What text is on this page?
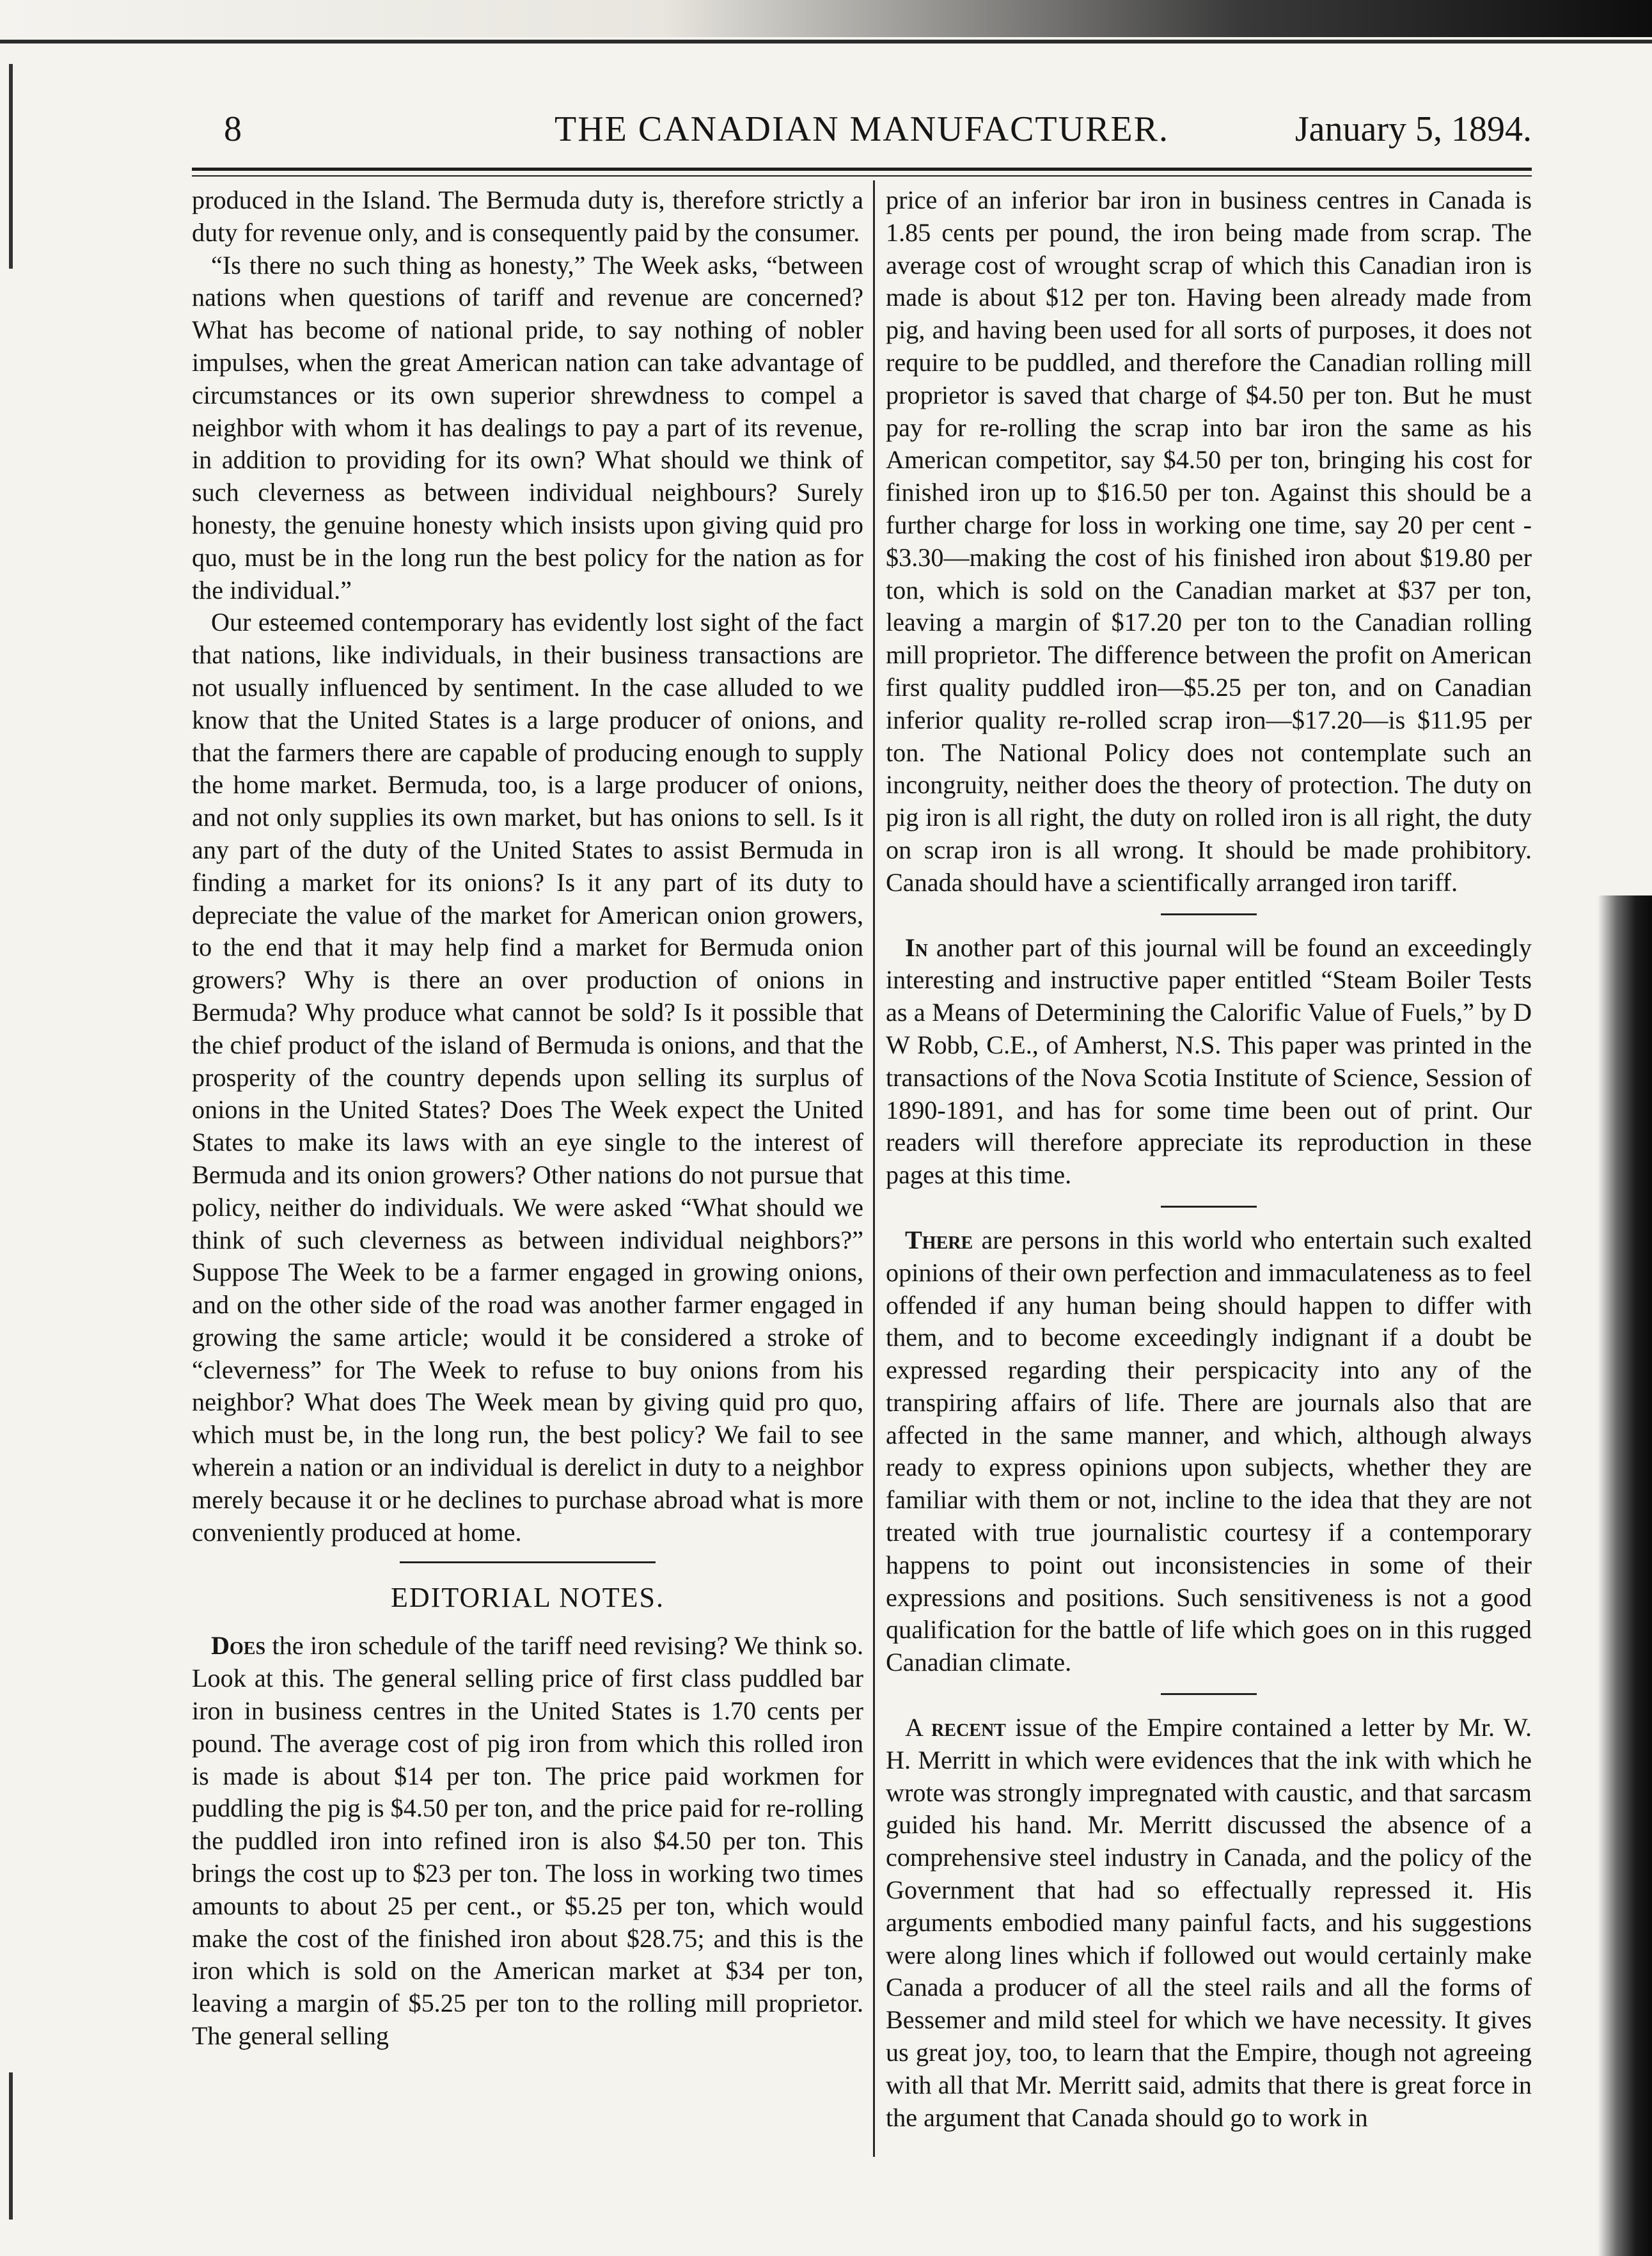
8	THE CANADIAN MANUFACTURER.	January 5, 1894.

produced in the Island. The Bermuda duty is, therefore strictly a duty for revenue only, and is consequently paid by the consumer.

“Is there no such thing as honesty,” The Week asks, “between nations when questions of tariff and revenue are concerned? What has become of national pride, to say nothing of nobler impulses, when the great American nation can take advantage of circumstances or its own superior shrewdness to compel a neighbor with whom it has dealings to pay a part of its revenue, in addition to providing for its own? What should we think of such cleverness as between individual neighbours? Surely honesty, the genuine honesty which insists upon giving quid pro quo, must be in the long run the best policy for the nation as for the individual.”

Our esteemed contemporary has evidently lost sight of the fact that nations, like individuals, in their business transactions are not usually influenced by sentiment. In the case alluded to we know that the United States is a large producer of onions, and that the farmers there are capable of producing enough to supply the home market. Bermuda, too, is a large producer of onions, and not only supplies its own market, but has onions to sell. Is it any part of the duty of the United States to assist Bermuda in finding a market for its onions? Is it any part of its duty to depreciate the value of the market for American onion growers, to the end that it may help find a market for Bermuda onion growers? Why is there an over production of onions in Bermuda? Why produce what cannot be sold? Is it possible that the chief product of the island of Bermuda is onions, and that the prosperity of the country depends upon selling its surplus of onions in the United States? Does The Week expect the United States to make its laws with an eye single to the interest of Bermuda and its onion growers? Other nations do not pursue that policy, neither do individuals. We were asked “What should we think of such cleverness as between individual neighbors?” Suppose The Week to be a farmer engaged in growing onions, and on the other side of the road was another farmer engaged in growing the same article; would it be considered a stroke of “cleverness” for The Week to refuse to buy onions from his neighbor? What does The Week mean by giving quid pro quo, which must be, in the long run, the best policy? We fail to see wherein a nation or an individual is derelict in duty to a neighbor merely because it or he declines to purchase abroad what is more conveniently produced at home.

EDITORIAL NOTES.

Does the iron schedule of the tariff need revising? We think so. Look at this. The general selling price of first class puddled bar iron in business centres in the United States is 1.70 cents per pound. The average cost of pig iron from which this rolled iron is made is about $14 per ton. The price paid workmen for puddling the pig is $4.50 per ton, and the price paid for re-rolling the puddled iron into refined iron is also $4.50 per ton. This brings the cost up to $23 per ton. The loss in working two times amounts to about 25 per cent., or $5.25 per ton, which would make the cost of the finished iron about $28.75; and this is the iron which is sold on the American market at $34 per ton, leaving a margin of $5.25 per ton to the rolling mill proprietor. The general selling

price of an inferior bar iron in business centres in Canada is 1.85 cents per pound, the iron being made from scrap. The average cost of wrought scrap of which this Canadian iron is made is about $12 per ton. Having been already made from pig, and having been used for all sorts of purposes, it does not require to be puddled, and therefore the Canadian rolling mill proprietor is saved that charge of $4.50 per ton. But he must pay for re-rolling the scrap into bar iron the same as his American competitor, say $4.50 per ton, bringing his cost for finished iron up to $16.50 per ton. Against this should be a further charge for loss in working one time, say 20 per cent - $3.30—making the cost of his finished iron about $19.80 per ton, which is sold on the Canadian market at $37 per ton, leaving a margin of $17.20 per ton to the Canadian rolling mill proprietor. The difference between the profit on American first quality puddled iron—$5.25 per ton, and on Canadian inferior quality re-rolled scrap iron—$17.20—is $11.95 per ton. The National Policy does not contemplate such an incongruity, neither does the theory of protection. The duty on pig iron is all right, the duty on rolled iron is all right, the duty on scrap iron is all wrong. It should be made prohibitory. Canada should have a scientifically arranged iron tariff.

In another part of this journal will be found an exceedingly interesting and instructive paper entitled “Steam Boiler Tests as a Means of Determining the Calorific Value of Fuels,” by D W Robb, C.E., of Amherst, N.S. This paper was printed in the transactions of the Nova Scotia Institute of Science, Session of 1890-1891, and has for some time been out of print. Our readers will therefore appreciate its reproduction in these pages at this time.

There are persons in this world who entertain such exalted opinions of their own perfection and immaculateness as to feel offended if any human being should happen to differ with them, and to become exceedingly indignant if a doubt be expressed regarding their perspicacity into any of the transpiring affairs of life. There are journals also that are affected in the same manner, and which, although always ready to express opinions upon subjects, whether they are familiar with them or not, incline to the idea that they are not treated with true journalistic courtesy if a contemporary happens to point out inconsistencies in some of their expressions and positions. Such sensitiveness is not a good qualification for the battle of life which goes on in this rugged Canadian climate.

A recent issue of the Empire contained a letter by Mr. W. H. Merritt in which were evidences that the ink with which he wrote was strongly impregnated with caustic, and that sarcasm guided his hand. Mr. Merritt discussed the absence of a comprehensive steel industry in Canada, and the policy of the Government that had so effectually repressed it. His arguments embodied many painful facts, and his suggestions were along lines which if followed out would certainly make Canada a producer of all the steel rails and all the forms of Bessemer and mild steel for which we have necessity. It gives us great joy, too, to learn that the Empire, though not agreeing with all that Mr. Merritt said, admits that there is great force in the argument that Canada should go to work in
